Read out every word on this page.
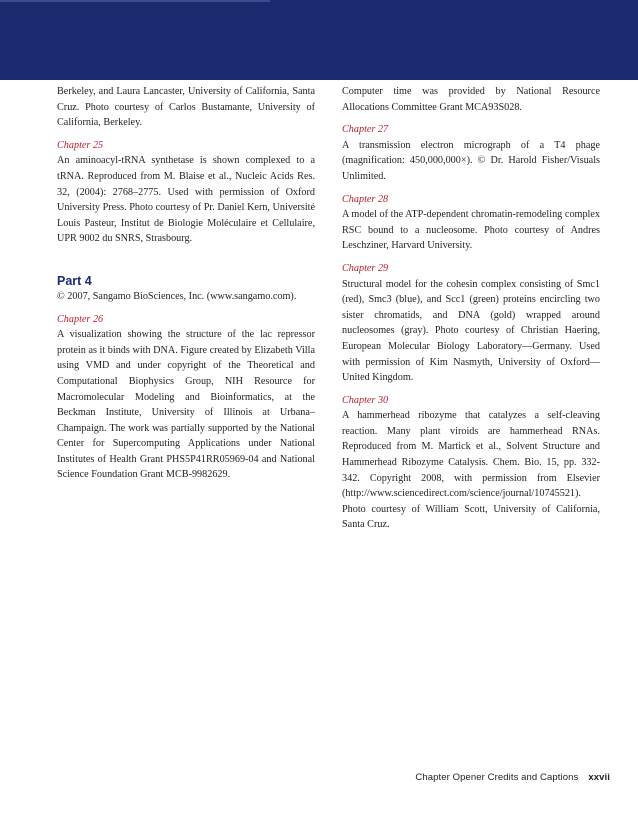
Berkeley, and Laura Lancaster, University of California, Santa Cruz. Photo courtesy of Carlos Bustamante, University of California, Berkeley.

Chapter 25

An aminoacyl-tRNA synthetase is shown complexed to a tRNA. Reproduced from M. Blaise et al., Nucleic Acids Res. 32, (2004): 2768–2775. Used with permission of Oxford University Press. Photo courtesy of Pr. Daniel Kern, Université Louis Pasteur, Institut de Biologie Moléculaire et Cellulaire, UPR 9002 du SNRS, Strasbourg.

Part 4

© 2007, Sangamo BioSciences, Inc. (www.sangamo.com).

Chapter 26

A visualization showing the structure of the lac repressor protein as it binds with DNA. Figure created by Elizabeth Villa using VMD and under copyright of the Theoretical and Computational Biophysics Group, NIH Resource for Macromolecular Modeling and Bioinformatics, at the Beckman Institute, University of Illinois at Urbana–Champaign. The work was partially supported by the National Center for Supercomputing Applications under National Institutes of Health Grant PHS5P41RR05969-04 and National Science Foundation Grant MCB-9982629.

Computer time was provided by National Resource Allocations Committee Grant MCA93S028.

Chapter 27

A transmission electron micrograph of a T4 phage (magnification: 450,000,000×). © Dr. Harold Fisher/Visuals Unlimited.

Chapter 28

A model of the ATP-dependent chromatin-remodeling complex RSC bound to a nucleosome. Photo courtesy of Andres Leschziner, Harvard University.

Chapter 29

Structural model for the cohesin complex consisting of Smc1 (red), Smc3 (blue), and Scc1 (green) proteins encircling two sister chromatids, and DNA (gold) wrapped around nucleosomes (gray). Photo courtesy of Christian Haering, European Molecular Biology Laboratory—Germany. Used with permission of Kim Nasmyth, University of Oxford—United Kingdom.

Chapter 30

A hammerhead ribozyme that catalyzes a self-cleaving reaction. Many plant viroids are hammerhead RNAs. Reproduced from M. Martick et al., Solvent Structure and Hammerhead Ribozyme Catalysis. Chem. Bio. 15, pp. 332-342. Copyright 2008, with permission from Elsevier (http://www.sciencedirect.com/science/journal/10745521). Photo courtesy of William Scott, University of California, Santa Cruz.

Chapter Opener Credits and Captions xxvii
